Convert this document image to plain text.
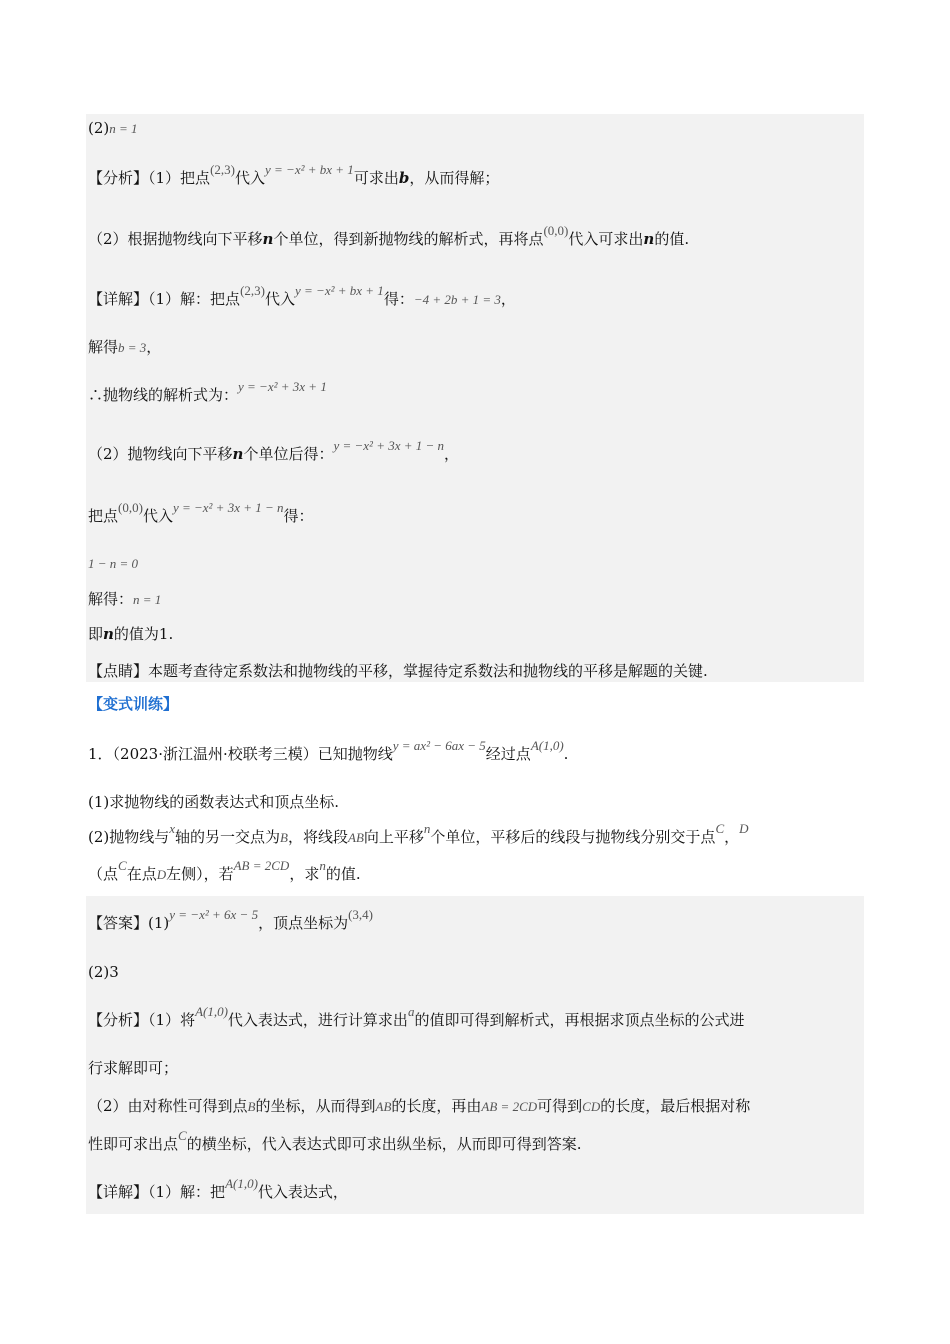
(2)n = 1
【分析】（1）把点(2,3)代入y = −x² + bx + 1可求出b，从而得解；
（2）根据抛物线向下平移n个单位，得到新抛物线的解析式，再将点(0,0)代入可求出n的值.
【详解】（1）解：把点(2,3)代入y = −x² + bx + 1得：−4 + 2b + 1 = 3，
解得b = 3，
∴抛物线的解析式为：y = −x² + 3x + 1
（2）抛物线向下平移n个单位后得：y = −x² + 3x + 1 − n，
把点(0,0)代入y = −x² + 3x + 1 − n得：
1 − n = 0
解得：n = 1
即n的值为1.
【点睛】本题考查待定系数法和抛物线的平移，掌握待定系数法和抛物线的平移是解题的关键.
【变式训练】
1．（2023·浙江温州·校联考三模）已知抛物线y = ax² − 6ax − 5经过点A(1,0).
(1)求抛物线的函数表达式和顶点坐标.
(2)抛物线与x轴的另一交点为B，将线段AB向上平移n个单位，平移后的线段与抛物线分别交于点C，D
（点C在点D左侧），若AB = 2CD，求n的值.
【答案】(1)y = −x² + 6x − 5，顶点坐标为(3,4)
(2)3
【分析】（1）将A(1,0)代入表达式，进行计算求出a的值即可得到解析式，再根据求顶点坐标的公式进
行求解即可；
（2）由对称性可得到点B的坐标，从而得到AB的长度，再由AB = 2CD可得到CD的长度，最后根据对称
性即可求出点C的横坐标，代入表达式即可求出纵坐标，从而即可得到答案.
【详解】（1）解：把A(1,0)代入表达式，
